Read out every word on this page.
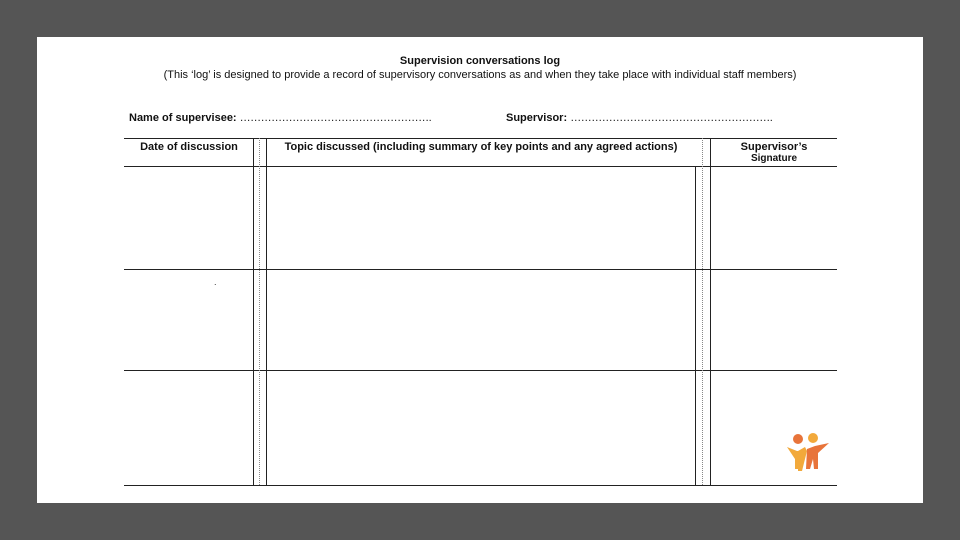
Supervision conversations log
(This ‘log’ is designed to provide a record of supervisory conversations as and when they take place with individual staff members)
Name of supervisee: ……………………………………………….	Supervisor: ………………………………………………….
Date of discussion	Topic discussed (including summary of key points and any agreed actions)	Supervisor’s
Signature
.
